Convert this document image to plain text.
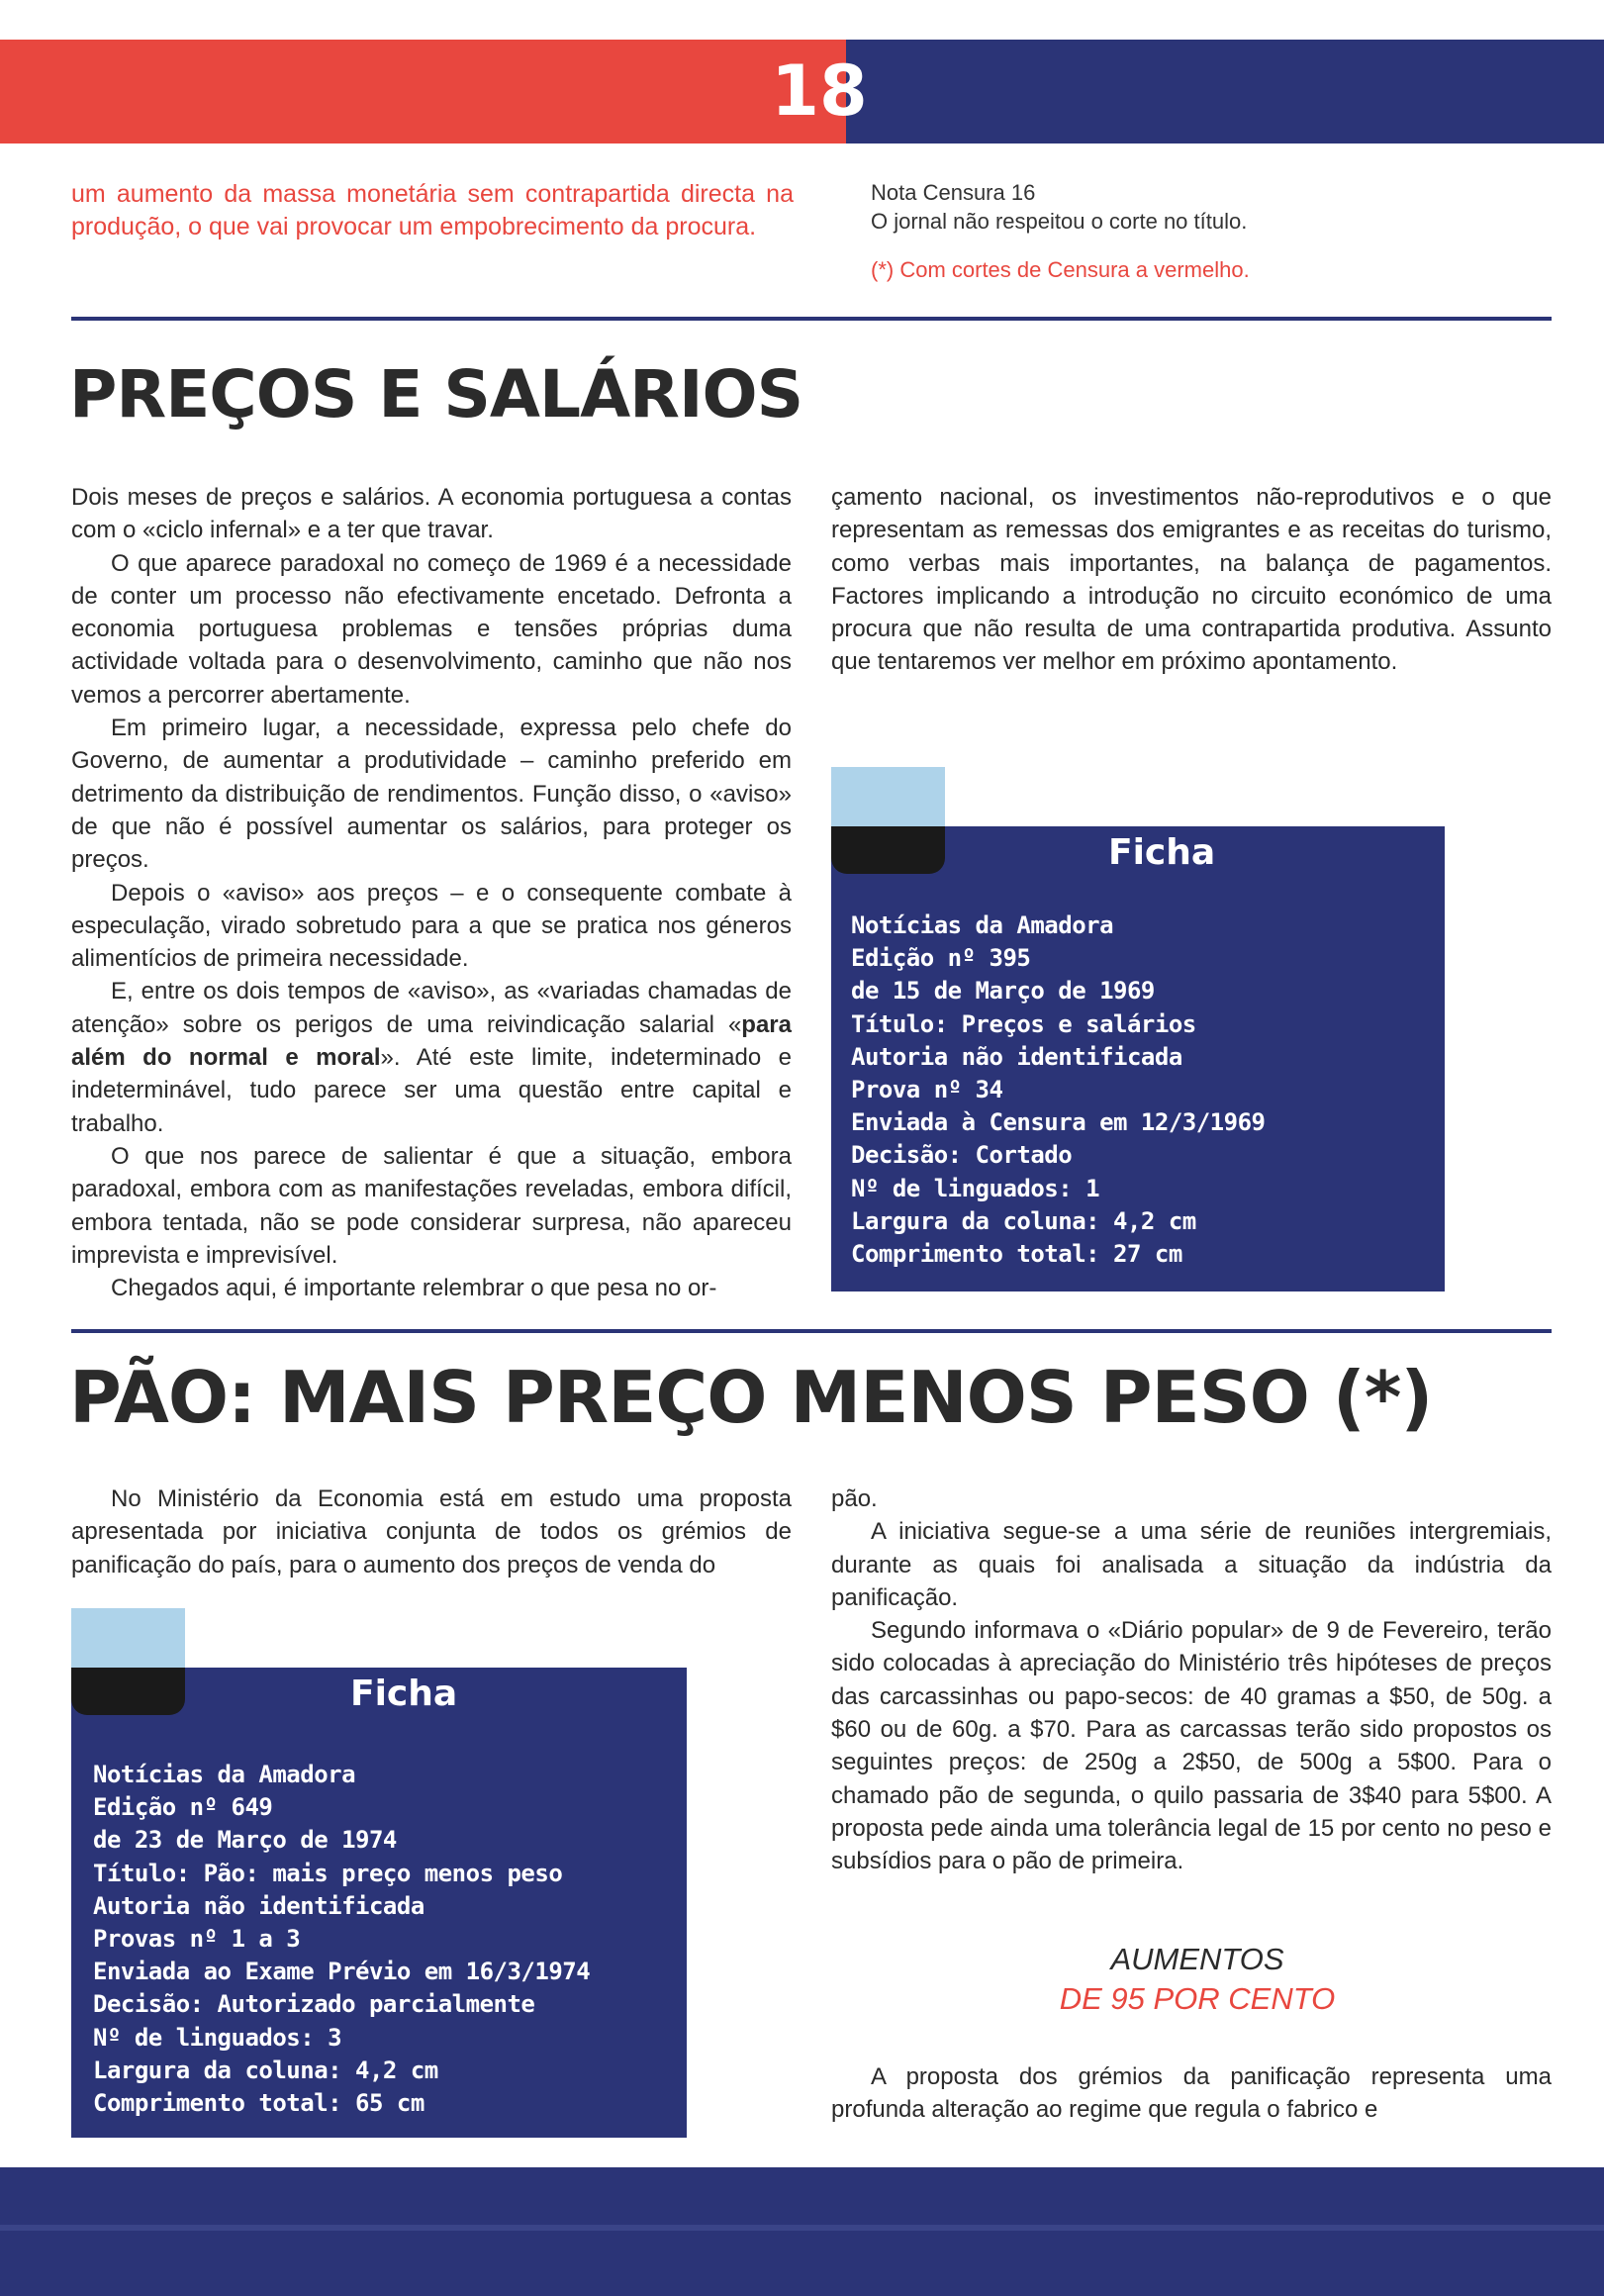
18
um aumento da massa monetária sem contrapartida directa na produção, o que vai provocar um empobrecimento da procura.
Nota Censura 16
O jornal não respeitou o corte no título.
(*) Com cortes de Censura a vermelho.
PREÇOS E SALÁRIOS

Dois meses de preços e salários. A economia portuguesa a contas com o «ciclo infernal» e a ter que travar.

O que aparece paradoxal no começo de 1969 é a necessidade de conter um processo não efectivamente encetado. Defronta a economia portuguesa problemas e tensões próprias duma actividade voltada para o desenvolvimento, caminho que não nos vemos a percorrer abertamente.

Em primeiro lugar, a necessidade, expressa pelo chefe do Governo, de aumentar a produtividade – caminho preferido em detrimento da distribuição de rendimentos. Função disso, o «aviso» de que não é possível aumentar os salários, para proteger os preços.

Depois o «aviso» aos preços – e o consequente combate à especulação, virado sobretudo para a que se pratica nos géneros alimentícios de primeira necessidade.

E, entre os dois tempos de «aviso», as «variadas chamadas de atenção» sobre os perigos de uma reivindicação salarial «para além do normal e moral». Até este limite, indeterminado e indeterminável, tudo parece ser uma questão entre capital e trabalho.

O que nos parece de salientar é que a situação, embora paradoxal, embora com as manifestações reveladas, embora difícil, embora tentada, não se pode considerar surpresa, não apareceu imprevista e imprevisível.

Chegados aqui, é importante relembrar o que pesa no or-

çamento nacional, os investimentos não-reprodutivos e o que representam as remessas dos emigrantes e as receitas do turismo, como verbas mais importantes, na balança de pagamentos. Factores implicando a introdução no circuito económico de uma procura que não resulta de uma contrapartida produtiva. Assunto que tentaremos ver melhor em próximo apontamento.

Ficha
Notícias da Amadora
Edição nº 395
de 15 de Março de 1969
Título: Preços e salários
Autoria não identificada
Prova nº 34
Enviada à Censura em 12/3/1969
Decisão: Cortado
Nº de linguados: 1
Largura da coluna: 4,2 cm
Comprimento total: 27 cm
PÃO: MAIS PREÇO MENOS PESO (*)

No Ministério da Economia está em estudo uma proposta apresentada por iniciativa conjunta de todos os grémios de panificação do país, para o aumento dos preços de venda do

Ficha
Notícias da Amadora
Edição nº 649
de 23 de Março de 1974
Título: Pão: mais preço menos peso
Autoria não identificada
Provas nº 1 a 3
Enviada ao Exame Prévio em 16/3/1974
Decisão: Autorizado parcialmente
Nº de linguados: 3
Largura da coluna: 4,2 cm
Comprimento total: 65 cm

pão.

A iniciativa segue-se a uma série de reuniões intergremiais, durante as quais foi analisada a situação da indústria da panificação.

Segundo informava o «Diário popular» de 9 de Fevereiro, terão sido colocadas à apreciação do Ministério três hipóteses de preços das carcassinhas ou papo-secos: de 40 gramas a $50, de 50g. a $60 ou de 60g. a $70. Para as carcassas terão sido propostos os seguintes preços: de 250g a 2$50, de 500g a 5$00. Para o chamado pão de segunda, o quilo passaria de 3$40 para 5$00. A proposta pede ainda uma tolerância legal de 15 por cento no peso e subsídios para o pão de primeira.

AUMENTOS
DE 95 POR CENTO

A proposta dos grémios da panificação representa uma profunda alteração ao regime que regula o fabrico e
